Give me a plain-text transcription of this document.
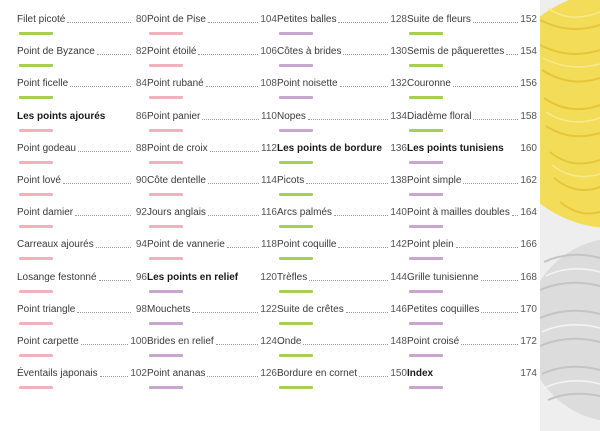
Filet picoté	80
Point de Byzance	82
Point ficelle	84
Les points ajourés	86
Point godeau	88
Point lové	90
Point damier	92
Carreaux ajourés	94
Losange festonné	96
Point triangle	98
Point carpette	100
Éventails japonais	102
Point de Pise	104
Point étoilé	106
Point rubané	108
Point panier	110
Point de croix	112
Côte dentelle	114
Jours anglais	116
Point de vannerie	118
Les points en relief 120
Mouchets	122
Brides en relief	124
Point ananas	126
Petites balles	128
Côtes à brides	130
Point noisette	132
Nopes	134
Les points de bordure 136
Picots	138
Arcs palmés	140
Point coquille	142
Trèfles	144
Suite de crêtes	146
Onde	148
Bordure en cornet	150
Suite de fleurs	152
Semis de pâquerettes 154
Couronne	156
Diadème floral	158
Les points tunisiens 160
Point simple	162
Point à mailles doubles 164
Point plein	166
Grille tunisienne	168
Petites coquilles	170
Point croisé	172
Index	174
